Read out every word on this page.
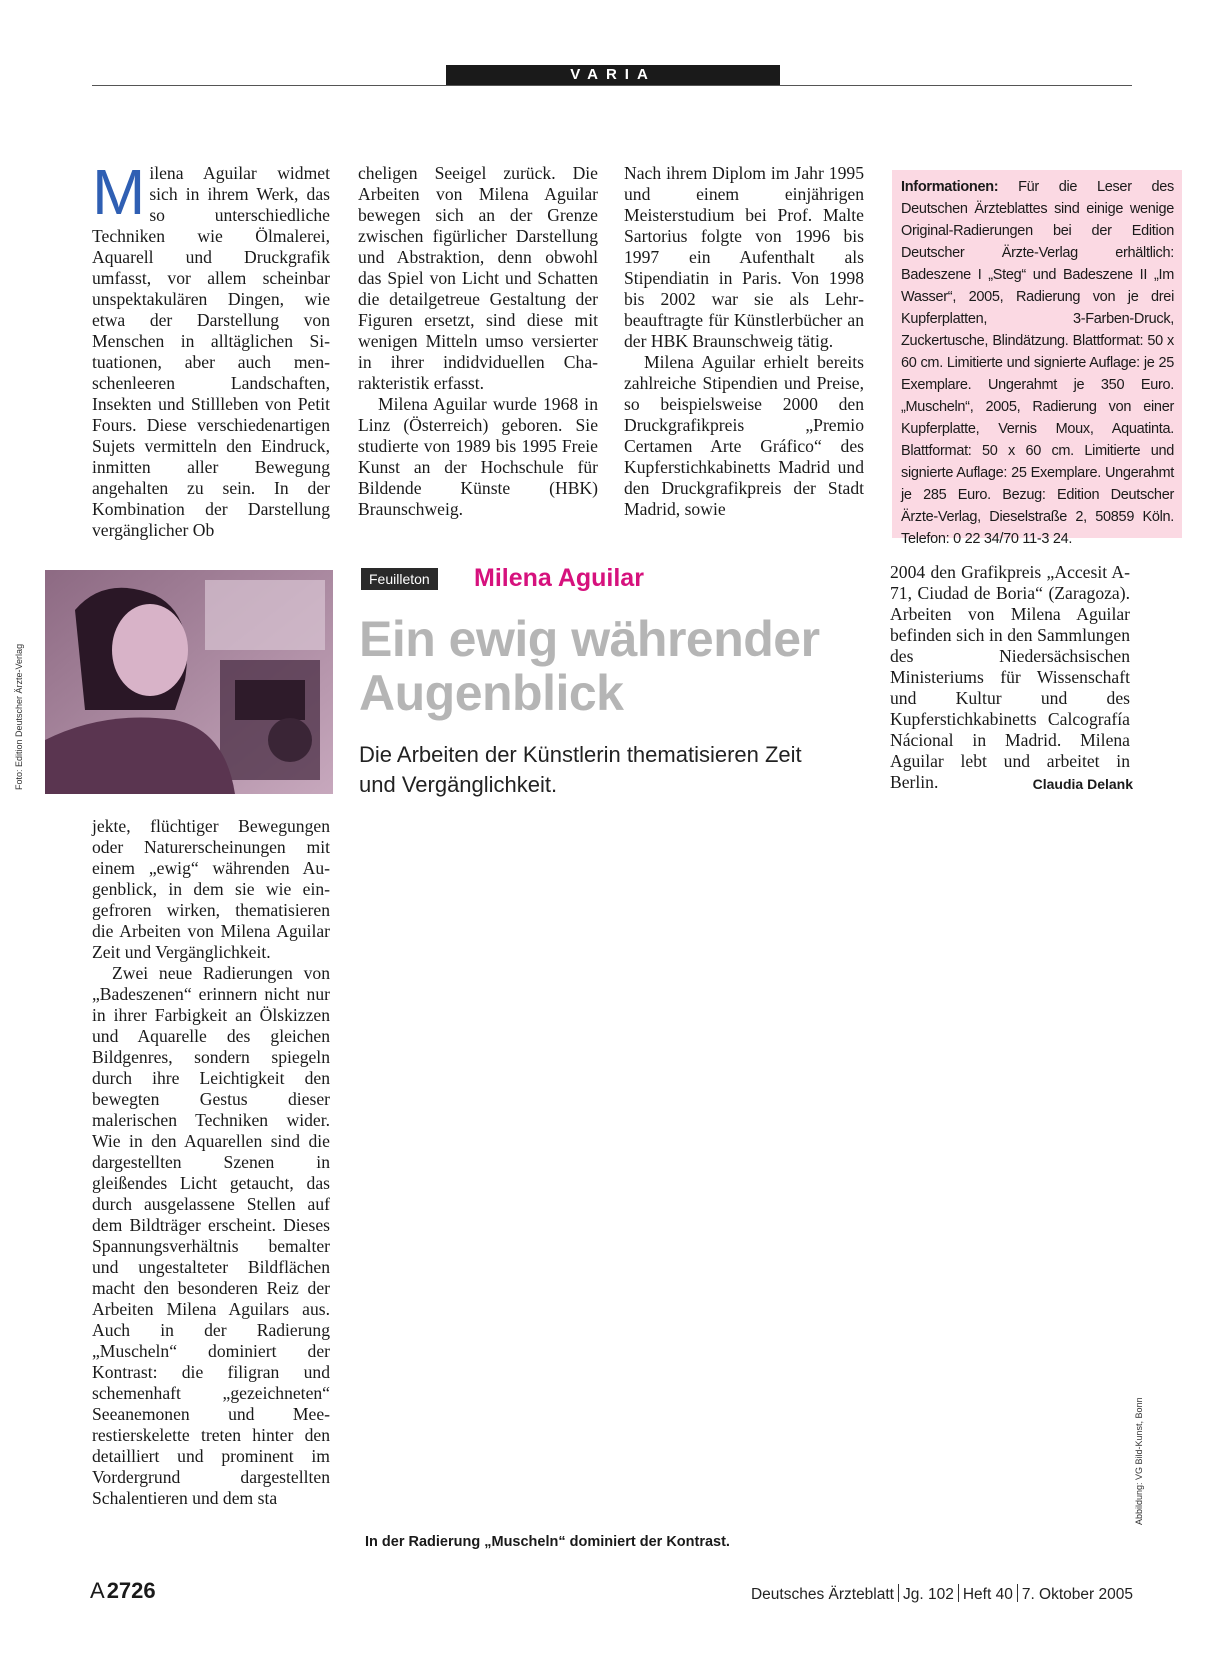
VARIA

Milena Aguilar widmet sich in ihrem Werk, das so unterschiedliche Techniken wie Ölmalerei, Aquarell und Druckgrafik umfasst, vor allem scheinbar unspektakulären Dingen, wie etwa der Darstellung von Menschen in alltäglichen Situationen, aber auch menschenleeren Landschaften, Insekten und Stillleben von Petit Fours. Diese verschiedenartigen Sujets vermitteln den Eindruck, inmitten aller Bewegung angehalten zu sein. In der Kombination der Darstellung vergänglicher Ob

cheligen Seeigel zurück. Die Arbeiten von Milena Aguilar bewegen sich an der Grenze zwischen figürlicher Darstellung und Abstraktion, denn obwohl das Spiel von Licht und Schatten die detailgetreue Gestaltung der Figuren ersetzt, sind diese mit wenigen Mitteln umso versierter in ihrer indidviduellen Charakteristik erfasst.

Milena Aguilar wurde 1968 in Linz (Österreich) geboren. Sie studierte von 1989 bis 1995 Freie Kunst an der Hochschule für Bildende Künste (HBK) Braunschweig.

Nach ihrem Diplom im Jahr 1995 und einem einjährigen Meisterstudium bei Prof. Malte Sartorius folgte von 1996 bis 1997 ein Aufenthalt als Stipendiatin in Paris. Von 1998 bis 2002 war sie als Lehrbeauftragte für Künstlerbücher an der HBK Braunschweig tätig.

Milena Aguilar erhielt bereits zahlreiche Stipendien und Preise, so beispielsweise 2000 den Druckgrafikpreis „Premio Certamen Arte Gráfico“ des Kupferstichkabinetts Madrid und den Druckgrafikpreis der Stadt Madrid, sowie

Informationen: Für die Leser des Deutschen Ärzteblattes sind einige wenige Original-Radierungen bei der Edition Deutscher Ärzte-Verlag erhältlich: Badeszene I „Steg“ und Badeszene II „Im Wasser“, 2005, Radierung von je drei Kupferplatten, 3-Farben-Druck, Zuckertusche, Blindätzung. Blattformat: 50 x 60 cm. Limitierte und signierte Auflage: je 25 Exemplare. Ungerahmt je 350 Euro. „Muscheln“, 2005, Radierung von einer Kupferplatte, Vernis Moux, Aquatinta. Blattformat: 50 x 60 cm. Limitierte und signierte Auflage: 25 Exemplare. Ungerahmt je 285 Euro. Bezug: Edition Deutscher Ärzte-Verlag, Dieselstraße 2, 50859 Köln. Telefon: 0 22 34/70 11-3 24.
Foto: Edition Deutscher Ärzte-Verlag
Feuilleton	Milena Aguilar
Ein ewig währender
Augenblick
Die Arbeiten der Künstlerin thematisieren Zeit und Vergänglichkeit.

2004 den Grafikpreis „Accesit A-71, Ciudad de Boria“ (Zaragoza). Arbeiten von Milena Aguilar befinden sich in den Sammlungen des Niedersächsischen Ministeriums für Wissenschaft und Kultur und des Kupferstichkabinetts Calcografía Nácional in Madrid. Milena Aguilar lebt und arbeitet in Berlin.	Claudia Delank

jekte, flüchtiger Bewegungen oder Naturerscheinungen mit einem „ewig“ währenden Augenblick, in dem sie wie eingefroren wirken, thematisieren die Arbeiten von Milena Aguilar Zeit und Vergänglichkeit.

Zwei neue Radierungen von „Badeszenen“ erinnern nicht nur in ihrer Farbigkeit an Ölskizzen und Aquarelle des gleichen Bildgenres, sondern spiegeln durch ihre Leichtigkeit den bewegten Gestus dieser malerischen Techniken wider. Wie in den Aquarellen sind die dargestellten Szenen in gleißendes Licht getaucht, das durch ausgelassene Stellen auf dem Bildträger erscheint. Dieses Spannungsverhältnis bemalter und ungestalteter Bildflächen macht den besonderen Reiz der Arbeiten Milena Aguilars aus. Auch in der Radierung „Muscheln“ dominiert der Kontrast: die filigran und schemenhaft „gezeichneten“ Seeanemonen und Meerestierskelette treten hinter den detailliert und prominent im Vordergrund dargestellten Schalentieren und dem sta	Abbildung: VG Bild-Kunst, Bonn
In der Radierung „Muscheln“ dominiert der Kontrast.
A2726	Deutsches Ärzteblatt Jg. 102 Heft 40 7. Oktober 2005
